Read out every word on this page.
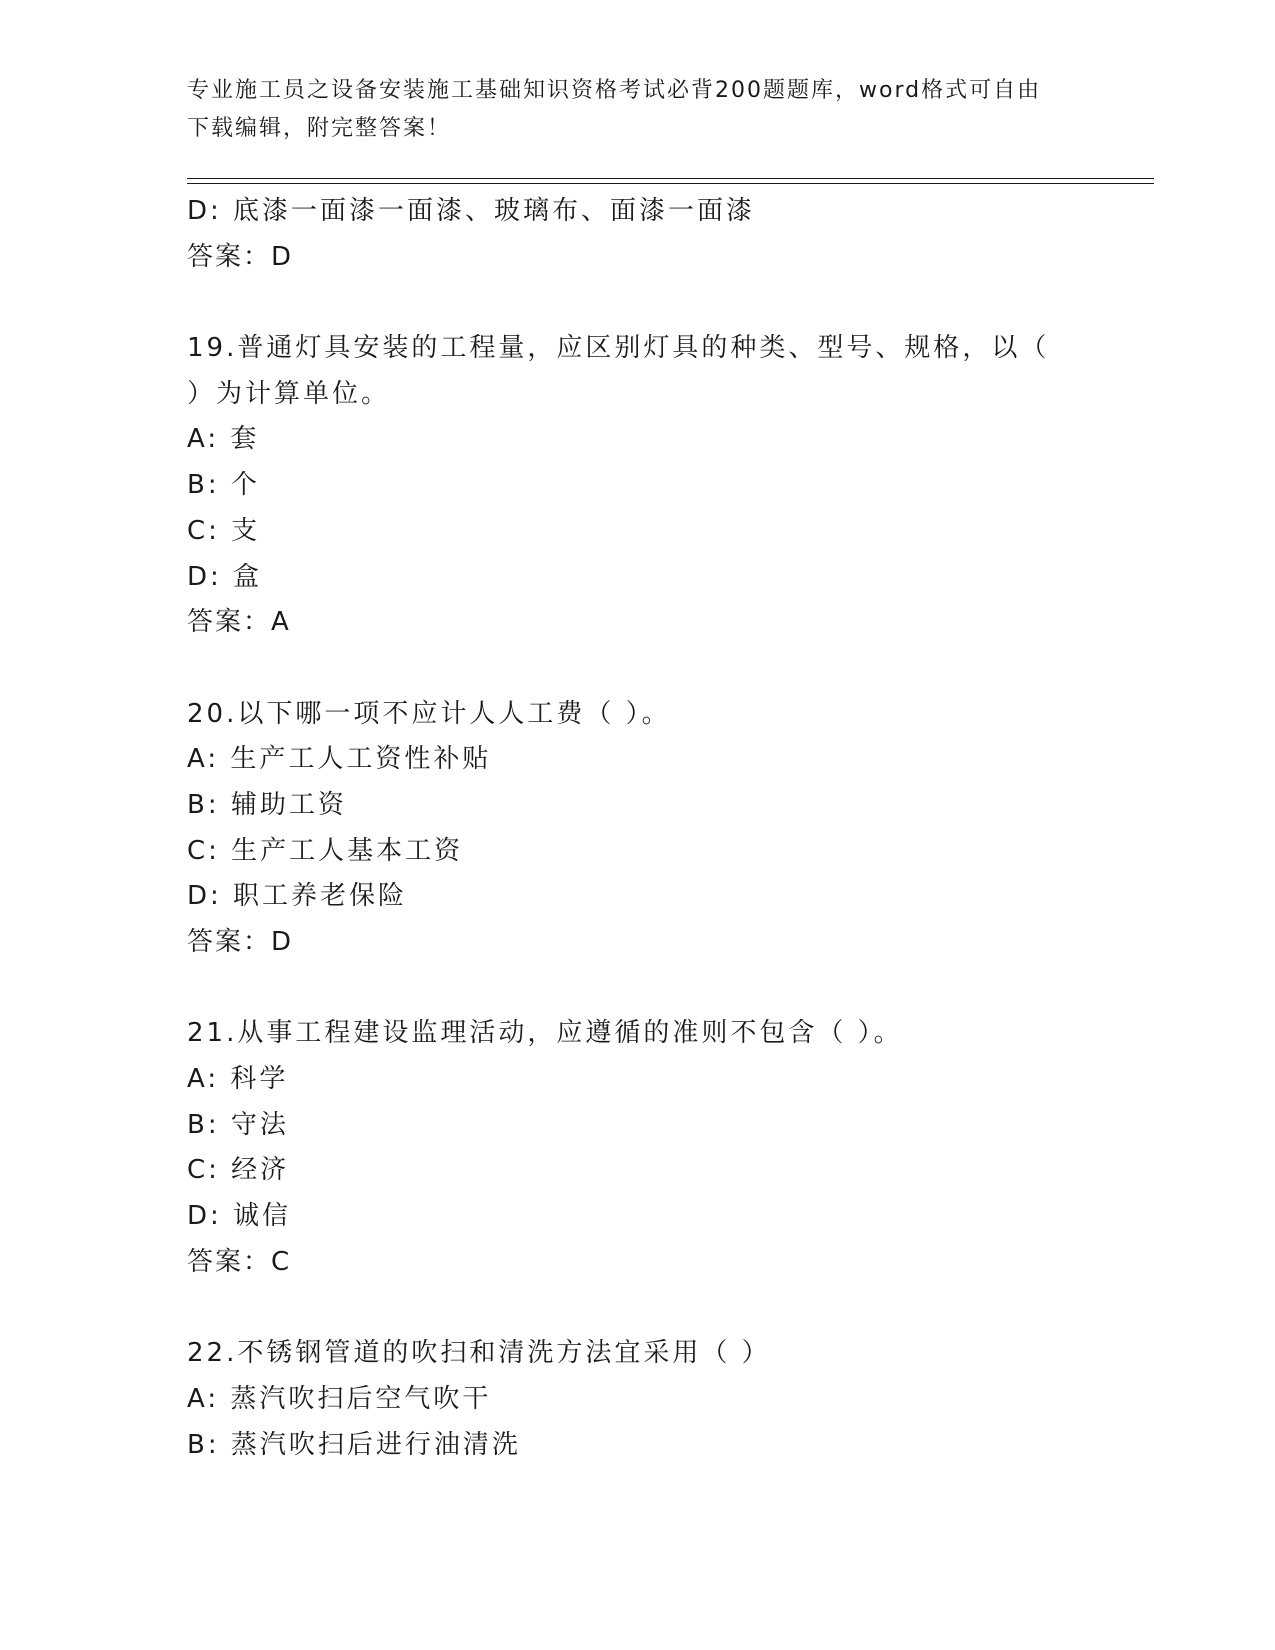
专业施工员之设备安装施工基础知识资格考试必背200题题库，word格式可自由
下载编辑，附完整答案！
D: 底漆一面漆一面漆、玻璃布、面漆一面漆
答案：D
19.普通灯具安装的工程量，应区别灯具的种类、型号、规格，以（
）为计算单位。
A: 套
B: 个
C: 支
D: 盒
答案：A
20.以下哪一项不应计人人工费（ ）。
A: 生产工人工资性补贴
B: 辅助工资
C: 生产工人基本工资
D: 职工养老保险
答案：D
21.从事工程建设监理活动，应遵循的准则不包含（ ）。
A: 科学
B: 守法
C: 经济
D: 诚信
答案：C
22.不锈钢管道的吹扫和清洗方法宜采用（ ）
A: 蒸汽吹扫后空气吹干
B: 蒸汽吹扫后进行油清洗
